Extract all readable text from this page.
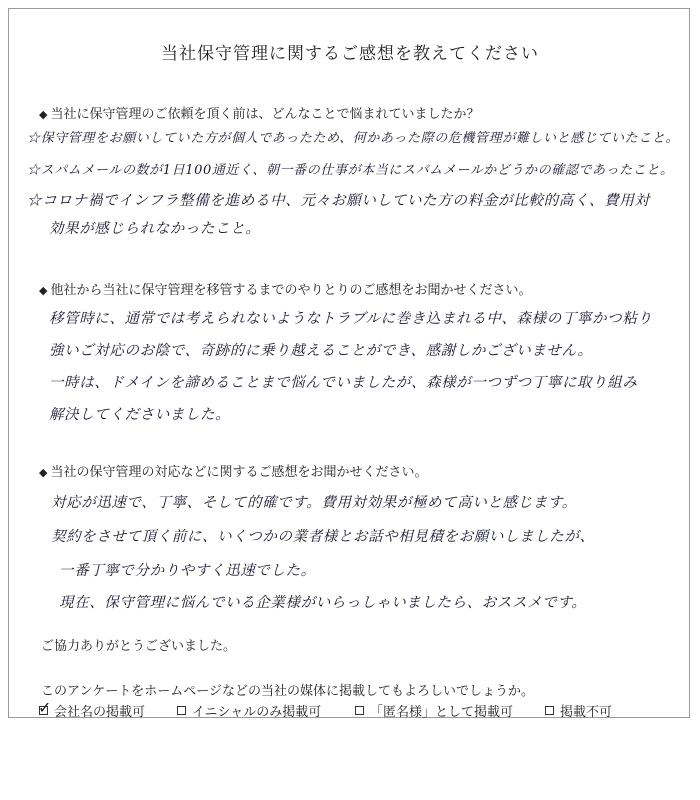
当社保守管理に関するご感想を教えてください
◆ 当社に保守管理のご依頼を頂く前は、どんなことで悩まれていましたか？
☆保守管理をお願いしていた方が個人であったため、何かあった際の危機管理が難しいと感じていたこと。
☆スパムメールの数が1日100通近く、朝一番の仕事が本当にスパムメールかどうかの確認であったこと。
☆コロナ禍でインフラ整備を進める中、元々お願いしていた方の料金が比較的高く、費用対
効果が感じられなかったこと。
◆ 他社から当社に保守管理を移管するまでのやりとりのご感想をお聞かせください。
移管時に、通常では考えられないようなトラブルに巻き込まれる中、森様の丁寧かつ粘り
強いご対応のお陰で、奇跡的に乗り越えることができ、感謝しかございません。
一時は、ドメインを諦めることまで悩んでいましたが、森様が一つずつ丁寧に取り組み
解決してくださいました。
◆ 当社の保守管理の対応などに関するご感想をお聞かせください。
対応が迅速で、丁寧、そして的確です。費用対効果が極めて高いと感じます。
契約をさせて頂く前に、いくつかの業者様とお話や相見積をお願いしましたが、
一番丁寧で分かりやすく迅速でした。
現在、保守管理に悩んでいる企業様がいらっしゃいましたら、おススメです。
ご協力ありがとうございました。
このアンケートをホームページなどの当社の媒体に掲載してもよろしいでしょうか。
✓ 会社名の掲載可	イニシャルのみ掲載可	「匿名様」として掲載可	掲載不可
